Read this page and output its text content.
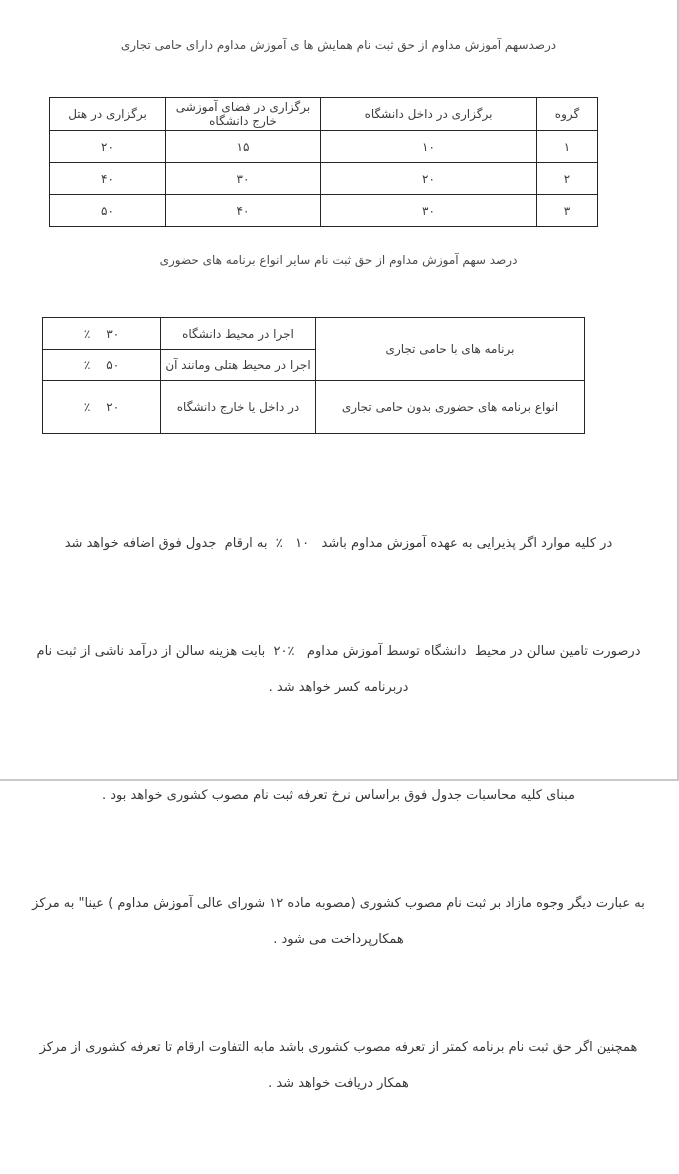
درصدسهم آموزش مداوم از حق ثبت نام همایش ها ی آموزش مداوم دارای حامی تجاری
گروه	برگزاری در داخل دانشگاه	برگزاری در فضای آموزشی خارج دانشگاه	برگزاری در هتل
۱	۱۰	۱۵	۲۰
۲	۲۰	۳۰	۴۰
۳	۳۰	۴۰	۵۰
درصد سهم آموزش مداوم از حق ثبت نام سایر انواع برنامه های حضوری
برنامه های با حامی تجاری	اجرا در محیط دانشگاه	٪ ۳۰

	اجرا در محیط هتلی ومانند آن	٪ ۵۰

انواع برنامه های حضوری بدون حامی تجاری	در داخل یا خارج دانشگاه	٪ ۲۰

در کلیه موارد اگر پذیرایی به عهده آموزش مداوم باشد   ۱۰   ٪  به ارقام  جدول فوق اضافه خواهد شد

درصورت تامین سالن در محیط  دانشگاه توسط آموزش مداوم   ٪۲۰  بابت هزینه سالن از درآمد ناشی از ثبت نام دربرنامه کسر خواهد شد .

مبنای کلیه محاسبات جدول فوق براساس نرخ تعرفه ثبت نام مصوب کشوری خواهد بود .

به عبارت دیگر وجوه مازاد بر ثبت نام مصوب کشوری (مصوبه ماده ۱۲ شورای عالی آموزش مداوم ) عینا" به مرکز همکارپرداخت می شود .

همچنین اگر حق ثبت نام برنامه کمتر از تعرفه مصوب کشوری باشد مابه التفاوت ارقام تا تعرفه کشوری از مرکز همکار دریافت خواهد شد .
